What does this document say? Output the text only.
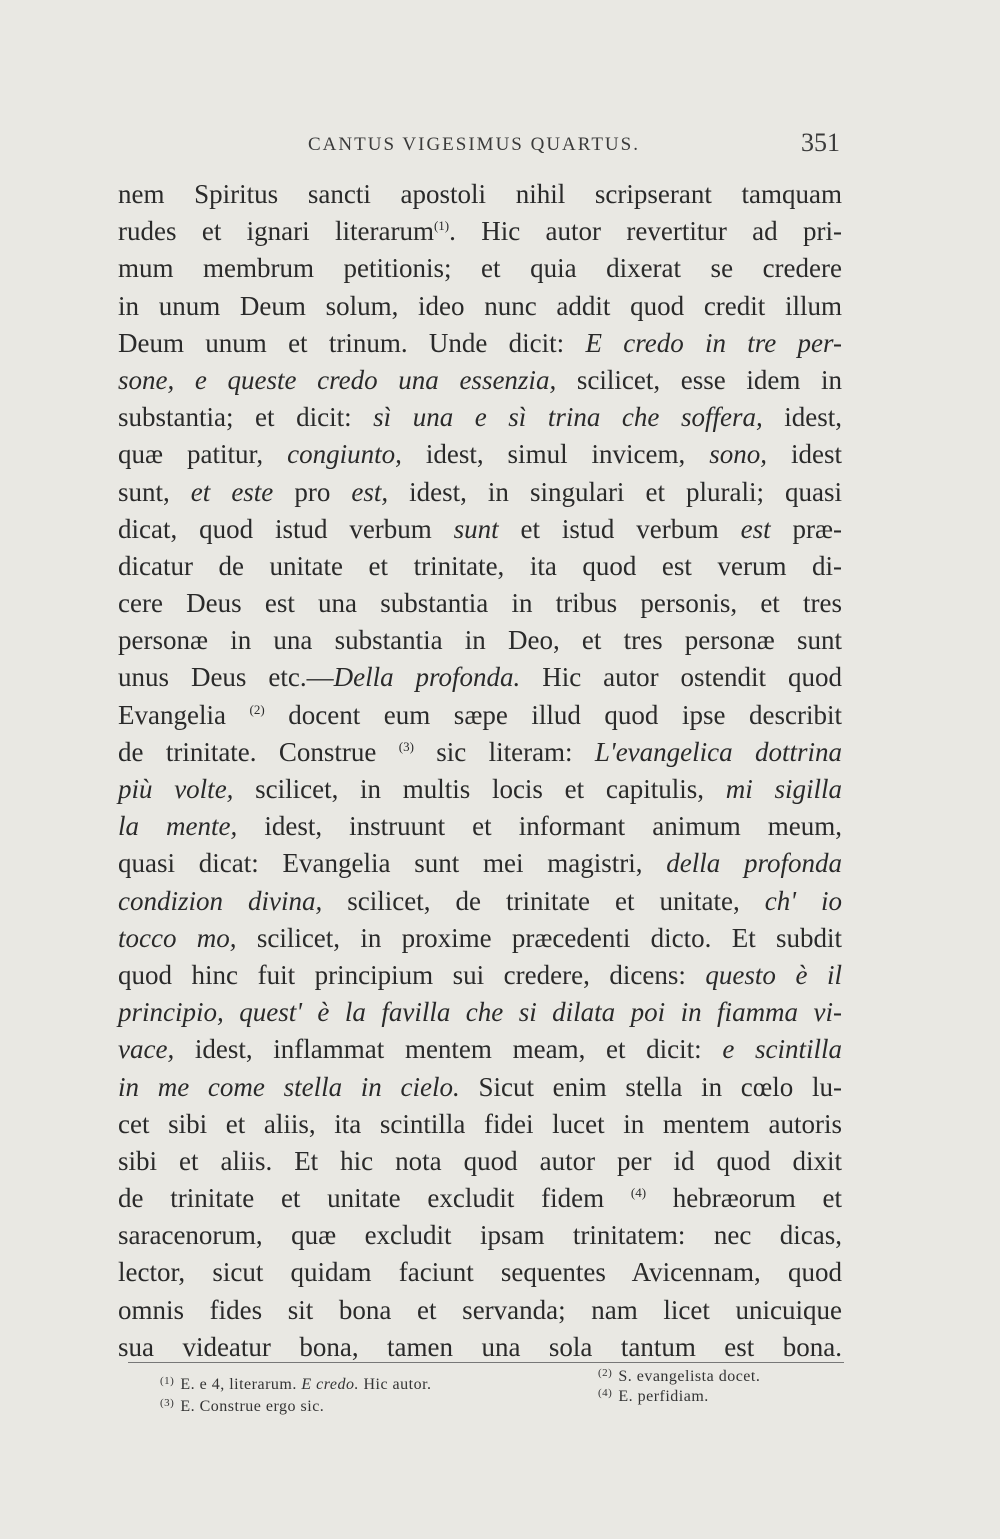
CANTUS VIGESIMUS QUARTUS.	351
nem Spiritus sancti apostoli nihil scripserant tamquam
rudes et ignari literarum$^{(1)}$. Hic autor revertitur ad pri-
mum membrum petitionis; et quia dixerat se credere
in unum Deum solum, ideo nunc addit quod credit illum
Deum unum et trinum. Unde dicit: E credo in tre per-
sone, e queste credo una essenzia, scilicet, esse idem in
substantia; et dicit: sì una e sì trina che soffera, idest,
quæ patitur, congiunto, idest, simul invicem, sono, idest
sunt, et este pro est, idest, in singulari et plurali; quasi
dicat, quod istud verbum sunt et istud verbum est præ-
dicatur de unitate et trinitate, ita quod est verum di-
cere Deus est una substantia in tribus personis, et tres
personæ in una substantia in Deo, et tres personæ sunt
unus Deus etc.—Della profonda. Hic autor ostendit quod
Evangelia $^{(2)}$ docent eum sæpe illud quod ipse describit
de trinitate. Construe $^{(3)}$ sic literam: L'evangelica dottrina
più volte, scilicet, in multis locis et capitulis, mi sigilla
la mente, idest, instruunt et informant animum meum,
quasi dicat: Evangelia sunt mei magistri, della profonda
condizion divina, scilicet, de trinitate et unitate, ch' io
tocco mo, scilicet, in proxime præcedenti dicto. Et subdit
quod hinc fuit principium sui credere, dicens: questo è il
principio, quest' è la favilla che si dilata poi in fiamma vi-
vace, idest, inflammat mentem meam, et dicit: e scintilla
in me come stella in cielo. Sicut enim stella in cœlo lu-
cet sibi et aliis, ita scintilla fidei lucet in mentem autoris
sibi et aliis. Et hic nota quod autor per id quod dixit
de trinitate et unitate excludit fidem $^{(4)}$ hebræorum et
saracenorum, quæ excludit ipsam trinitatem: nec dicas,
lector, sicut quidam faciunt sequentes Avicennam, quod
omnis fides sit bona et servanda; nam licet unicuique
sua videatur bona, tamen una sola tantum est bona.
$^{(1)}$ E. e 4, literarum. E credo. Hic autor.
$^{(2)}$ S. evangelista docet.
$^{(3)}$ E. Construe ergo sic.
$^{(4)}$ E. perfidiam.
